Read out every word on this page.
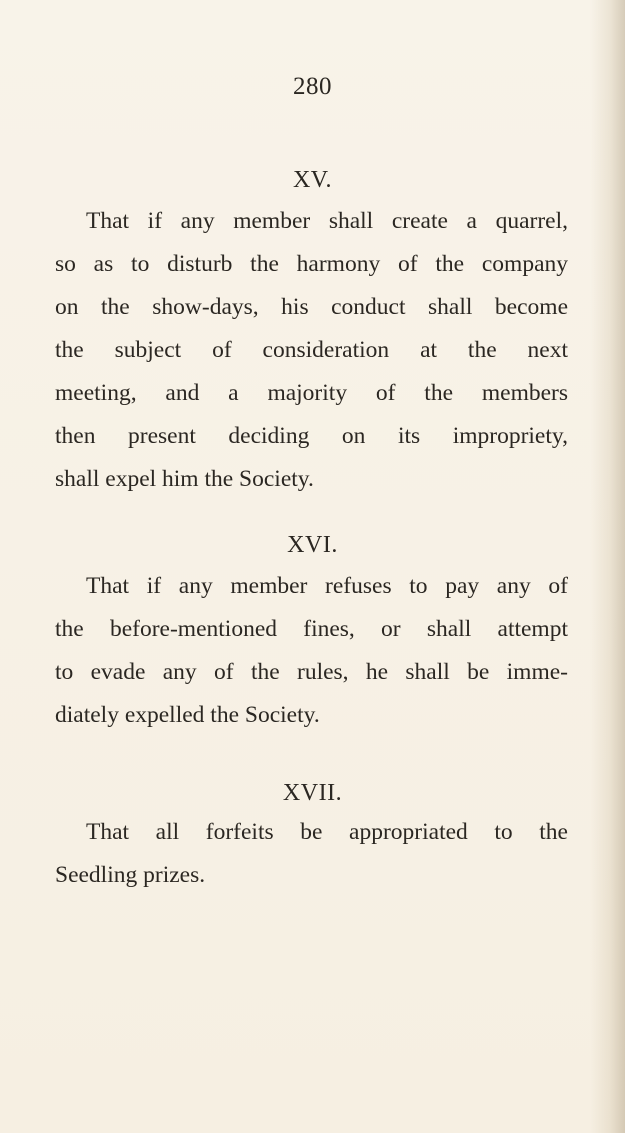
280
XV.
That if any member shall create a quarrel,
so as to disturb the harmony of the company
on the show-days, his conduct shall become
the subject of consideration at the next
meeting, and a majority of the members
then present deciding on its impropriety,
shall expel him the Society.
XVI.
That if any member refuses to pay any of
the before-mentioned fines, or shall attempt
to evade any of the rules, he shall be imme-
diately expelled the Society.
XVII.
That all forfeits be appropriated to the
Seedling prizes.
